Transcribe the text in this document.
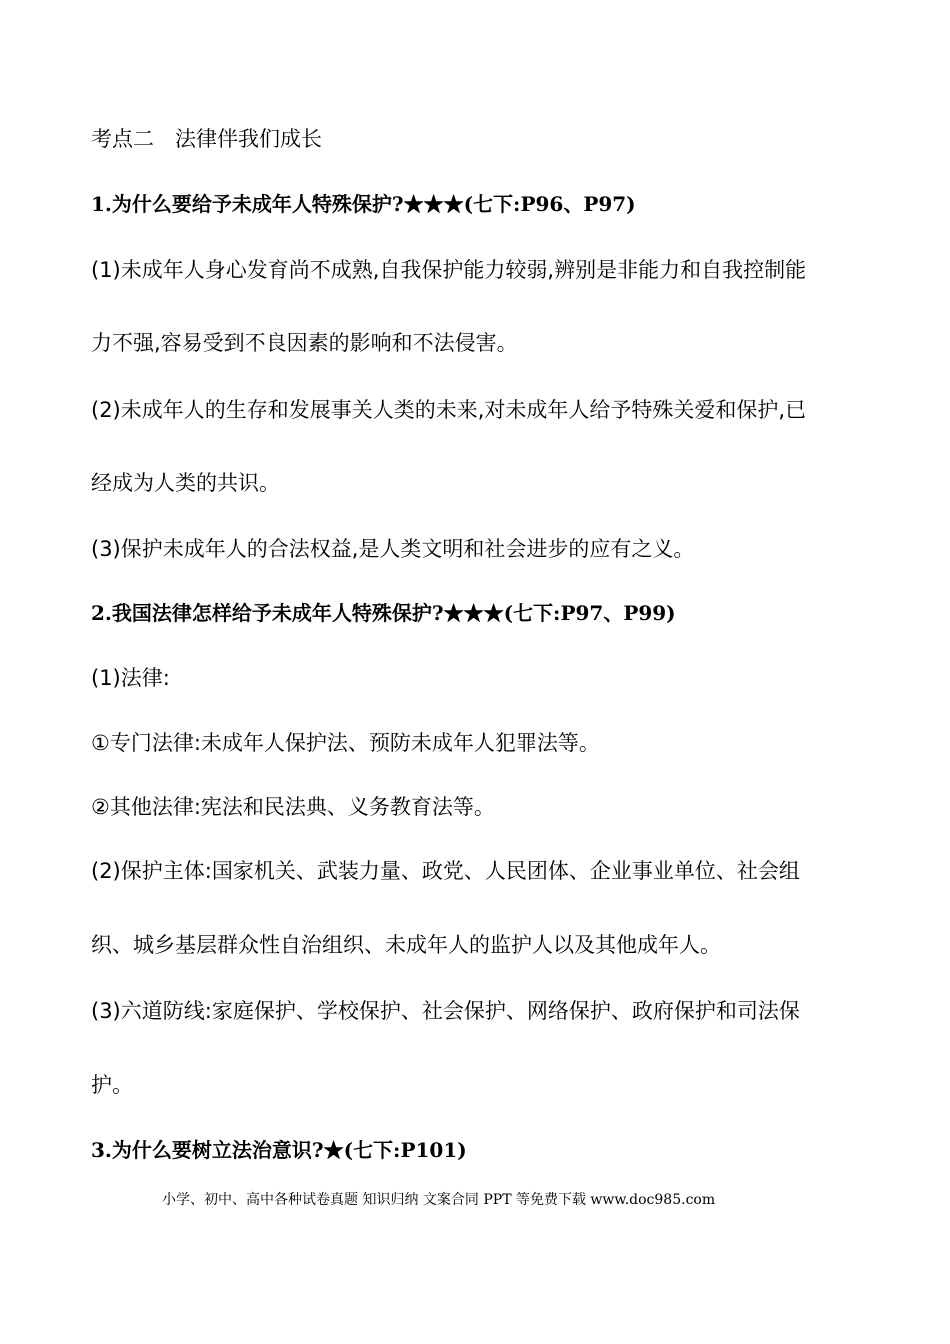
考点二　法律伴我们成长
1.为什么要给予未成年人特殊保护?★★★(七下:P96、P97)
(1)未成年人身心发育尚不成熟,自我保护能力较弱,辨别是非能力和自我控制能
力不强,容易受到不良因素的影响和不法侵害。
(2)未成年人的生存和发展事关人类的未来,对未成年人给予特殊关爱和保护,已
经成为人类的共识。
(3)保护未成年人的合法权益,是人类文明和社会进步的应有之义。
2.我国法律怎样给予未成年人特殊保护?★★★(七下:P97、P99)
(1)法律:
①专门法律:未成年人保护法、预防未成年人犯罪法等。
②其他法律:宪法和民法典、义务教育法等。
(2)保护主体:国家机关、武装力量、政党、人民团体、企业事业单位、社会组
织、城乡基层群众性自治组织、未成年人的监护人以及其他成年人。
(3)六道防线:家庭保护、学校保护、社会保护、网络保护、政府保护和司法保
护。
3.为什么要树立法治意识?★(七下:P101)
小学、初中、高中各种试卷真题 知识归纳 文案合同 PPT 等免费下载 www.doc985.com
